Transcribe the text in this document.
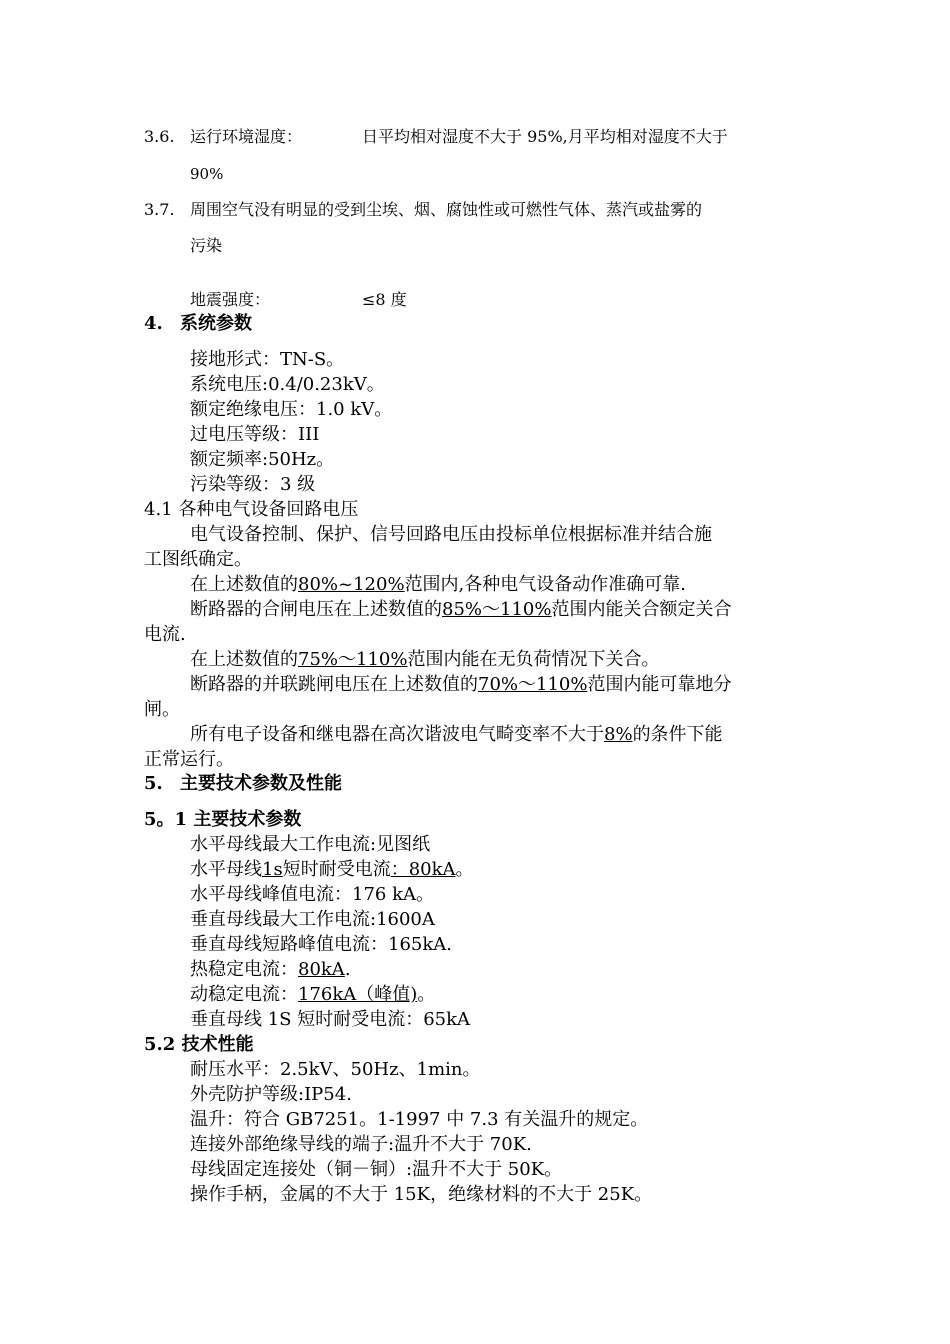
3.6. 运行环境湿度：	日平均相对湿度不大于 95%,月平均相对湿度不大于
90%
3.7. 周围空气没有明显的受到尘埃、烟、腐蚀性或可燃性气体、蒸汽或盐雾的
污染
地震强度：	≤8 度
4. 系统参数
接地形式：TN-S。
系统电压:0.4/0.23kV。
额定绝缘电压：1.0 kV。
过电压等级：III
额定频率:50Hz。
污染等级：3 级
4.1 各种电气设备回路电压
电气设备控制、保护、信号回路电压由投标单位根据标准并结合施
工图纸确定。
在上述数值的80%~120%范围内,各种电气设备动作准确可靠.
断路器的合闸电压在上述数值的85%～110%范围内能关合额定关合
电流.
在上述数值的75%～110%范围内能在无负荷情况下关合。
断路器的并联跳闸电压在上述数值的70%～110%范围内能可靠地分
闸。
所有电子设备和继电器在高次谐波电气畸变率不大于8%的条件下能
正常运行。
5. 主要技术参数及性能
5。1 主要技术参数
水平母线最大工作电流:见图纸
水平母线1s短时耐受电流：80kA。
水平母线峰值电流：176 kA。
垂直母线最大工作电流:1600A
垂直母线短路峰值电流：165kA.
热稳定电流：80kA.
动稳定电流：176kA（峰值)。
垂直母线 1S 短时耐受电流：65kA
5.2 技术性能
耐压水平：2.5kV、50Hz、1min。
外壳防护等级:IP54.
温升：符合 GB7251。1-1997 中 7.3 有关温升的规定。
连接外部绝缘导线的端子:温升不大于 70K.
母线固定连接处（铜－铜）:温升不大于 50K。
操作手柄，金属的不大于 15K，绝缘材料的不大于 25K。
